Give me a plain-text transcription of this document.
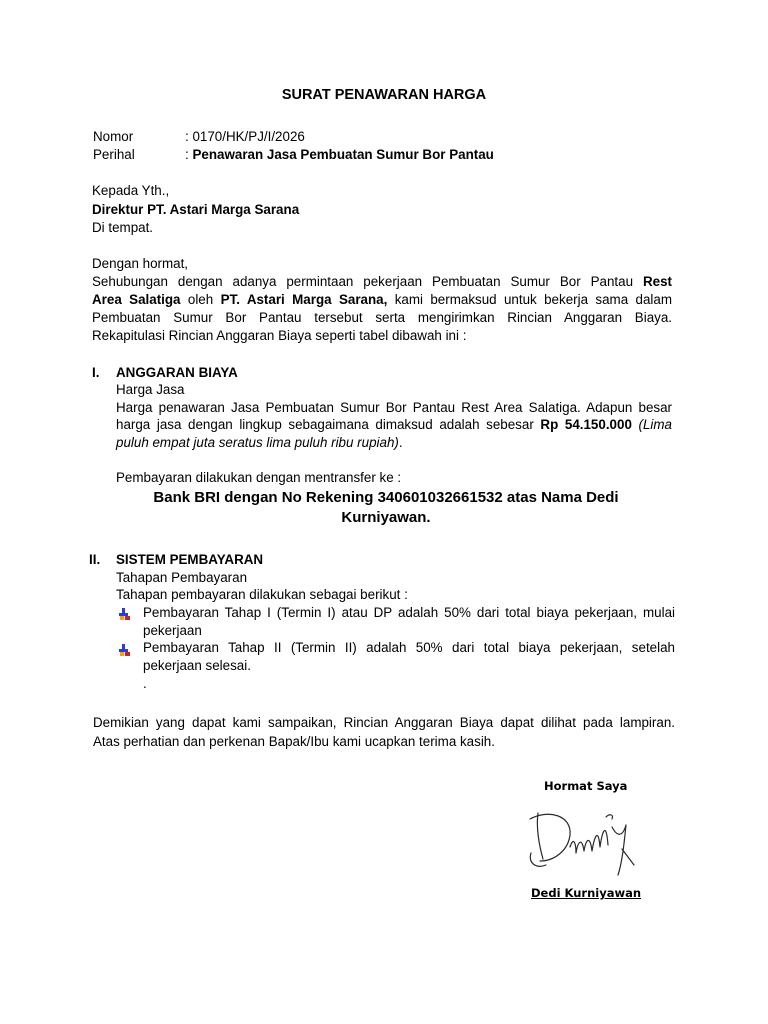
SURAT PENAWARAN HARGA
Nomor	: 0170/HK/PJ/I/2026
Perihal	: Penawaran Jasa Pembuatan Sumur Bor Pantau
Kepada Yth.,
Direktur PT. Astari Marga Sarana
Di tempat.
Dengan hormat,
Sehubungan dengan adanya permintaan pekerjaan Pembuatan Sumur Bor Pantau Rest
Area Salatiga oleh PT. Astari Marga Sarana, kami bermaksud untuk bekerja sama dalam
Pembuatan Sumur Bor Pantau tersebut serta mengirimkan Rincian Anggaran Biaya.
Rekapitulasi Rincian Anggaran Biaya seperti tabel dibawah ini :
I. ANGGARAN BIAYA
Harga Jasa
Harga penawaran Jasa Pembuatan Sumur Bor Pantau Rest Area Salatiga. Adapun besar
harga jasa dengan lingkup sebagaimana dimaksud adalah sebesar Rp 54.150.000 (Lima
puluh empat juta seratus lima puluh ribu rupiah).
Pembayaran dilakukan dengan mentransfer ke :
Bank BRI dengan No Rekening 340601032661532 atas Nama Dedi
Kurniyawan.
II. SISTEM PEMBAYARAN
Tahapan Pembayaran
Tahapan pembayaran dilakukan sebagai berikut :
Pembayaran Tahap I (Termin I) atau DP adalah 50% dari total biaya pekerjaan, mulai
pekerjaan
Pembayaran Tahap II (Termin II) adalah 50% dari total biaya pekerjaan, setelah
pekerjaan selesai.
.
Demikian yang dapat kami sampaikan, Rincian Anggaran Biaya dapat dilihat pada lampiran.
Atas perhatian dan perkenan Bapak/Ibu kami ucapkan terima kasih.
Hormat Saya
Dedi Kurniyawan
